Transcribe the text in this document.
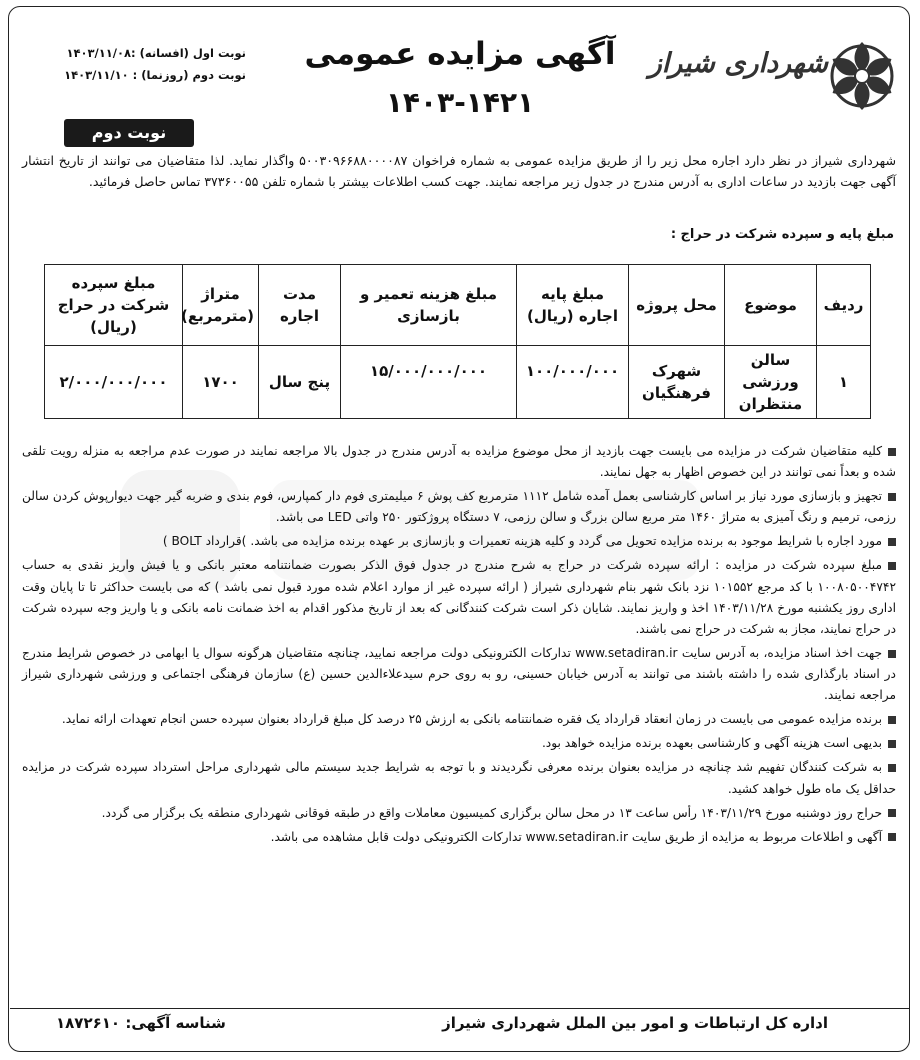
شهرداری شیراز
آگهی مزایده عمومی
۱۴۰۳-۱۴۲۱
نوبت اول (افسانه) :۱۴۰۳/۱۱/۰۸
نوبت دوم (روزنما) : ۱۴۰۳/۱۱/۱۰
نوبت دوم
شهرداری شیراز در نظر دارد اجاره محل زیر را از طریق مزایده عمومی به شماره فراخوان ۵۰۰۳۰۹۶۶۸۸۰۰۰۰۸۷ واگذار نماید. لذا متقاضیان می توانند از تاریخ انتشار آگهی جهت بازدید در ساعات اداری به آدرس مندرج در جدول زیر مراجعه نمایند. جهت کسب اطلاعات بیشتر با شماره تلفن ۳۷۳۶۰۰۵۵ تماس حاصل فرمائید.
مبلغ پایه و سپرده شرکت در حراج :
ردیف	موضوع	محل پروژه	مبلغ پایه اجاره (ریال)	مبلغ هزینه تعمیر و بازسازی	مدت اجاره	متراژ (مترمربع)	مبلغ سپرده شرکت در حراج (ریال)
۱	سالن ورزشی منتظران	شهرک فرهنگیان	۱۰۰/۰۰۰/۰۰۰	۱۵/۰۰۰/۰۰۰/۰۰۰	پنج سال	۱۷۰۰	۲/۰۰۰/۰۰۰/۰۰۰
کلیه متقاضیان شرکت در مزایده می بایست جهت بازدید از محل موضوع مزایده به آدرس مندرج در جدول بالا مراجعه نمایند در صورت عدم مراجعه به منزله رویت تلقی شده و بعداً نمی توانند در این خصوص اظهار به جهل نمایند.
تجهیز و بازسازی مورد نیاز بر اساس کارشناسی بعمل آمده شامل ۱۱۱۲ مترمربع کف پوش ۶ میلیمتری فوم دار کمپارس، فوم بندی و ضربه گیر جهت دیوارپوش کردن سالن رزمی، ترمیم و رنگ آمیزی به متراژ ۱۴۶۰ متر مربع سالن بزرگ و سالن رزمی، ۷ دستگاه پروژکتور ۲۵۰ واتی LED می باشد.
مورد اجاره با شرایط موجود به برنده مزایده تحویل می گردد و کلیه هزینه تعمیرات و بازسازی بر عهده برنده مزایده می باشد. )قرارداد BOLT )
مبلغ سپرده شرکت در مزایده : ارائه سپرده شرکت در حراج به شرح مندرج در جدول فوق الذکر بصورت ضمانتنامه معتبر بانکی و یا فیش واریز نقدی به حساب ۱۰۰۸۰۵۰۰۴۷۴۲ با کد مرجع ۱۰۱۵۵۲ نزد بانک شهر بنام شهرداری شیراز ( ارائه سپرده غیر از موارد اعلام شده مورد قبول نمی باشد ) که می بایست حداکثر تا تا پایان وقت اداری روز یکشنبه مورخ ۱۴۰۳/۱۱/۲۸ اخذ و واریز نمایند. شایان ذکر است شرکت کنندگانی که بعد از تاریخ مذکور اقدام به اخذ ضمانت نامه بانکی و یا واریز وجه سپرده شرکت در حراج نمایند، مجاز به شرکت در حراج نمی باشند.
جهت اخذ اسناد مزایده، به آدرس سایت www.setadiran.ir تدارکات الکترونیکی دولت مراجعه نمایید، چنانچه متقاضیان هرگونه سوال یا ابهامی در خصوص شرایط مندرج در اسناد بارگذاری شده را داشته باشند می توانند به آدرس خیابان حسینی، رو به روی حرم سیدعلاءالدین حسین (ع) سازمان فرهنگی اجتماعی و ورزشی شهرداری شیراز مراجعه نمایند.
برنده مزایده عمومی می بایست در زمان انعقاد قرارداد یک فقره ضمانتنامه بانکی به ارزش ۲۵ درصد کل مبلغ قرارداد بعنوان سپرده حسن انجام تعهدات ارائه نماید.
بدیهی است هزینه آگهی و کارشناسی بعهده برنده مزایده خواهد بود.
به شرکت کنندگان تفهیم شد چنانچه در مزایده بعنوان برنده معرفی نگردیدند و با توجه به شرایط جدید سیستم مالی شهرداری مراحل استرداد سپرده شرکت در مزایده حداقل یک ماه طول خواهد کشید.
حراج روز دوشنبه مورخ ۱۴۰۳/۱۱/۲۹ رأس ساعت ۱۳ در محل سالن برگزاری کمیسیون معاملات واقع در طبقه فوقانی شهرداری منطقه یک برگزار می گردد.
آگهی و اطلاعات مربوط به مزایده از طریق سایت www.setadiran.ir تدارکات الکترونیکی دولت قابل مشاهده می باشد.
اداره کل ارتباطات و امور بین الملل شهرداری شیراز
شناسه آگهی: ۱۸۷۲۶۱۰
